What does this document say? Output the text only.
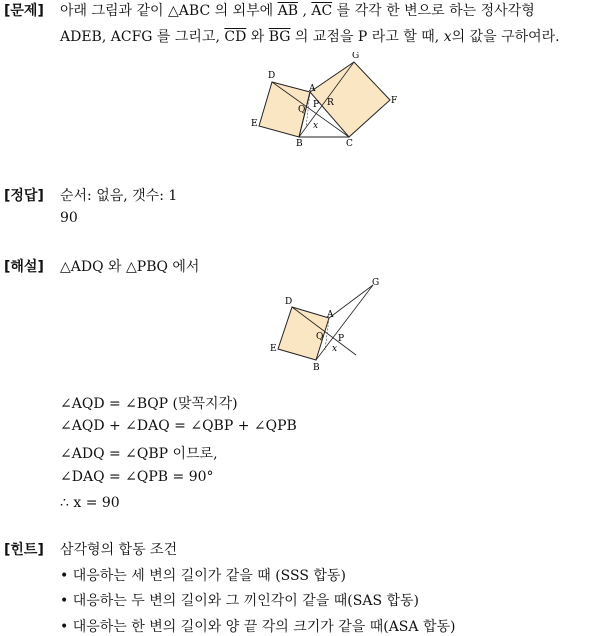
[문제] 아래 그림과 같이 △ABC 의 외부에 $\overline{AB}$ , $\overline{AC}$ 를 각각 한 변으로 하는 정사각형
ADEB, ACFG 를 그리고, $\overline{CD}$ 와 $\overline{BG}$ 의 교점을 P 라고 할 때, x의 값을 구하여라.
D
G
A
P R	F
Q
E	x
B	C
[정답] 순서: 없음, 갯수: 1
90
[해설] △ADQ 와 △PBQ 에서
D
G
A
E
Q P
x
B
∠AQD = ∠BQP (맞꼭지각)
∠AQD + ∠DAQ = ∠QBP + ∠QPB
∠ADQ = ∠QBP 이므로,
∠DAQ = ∠QPB = 90°
∴ x = 90
[힌트] 삼각형의 합동 조건
• 대응하는 세 변의 길이가 같을 때 (SSS 합동)
• 대응하는 두 변의 길이와 그 끼인각이 같을 때(SAS 합동)
• 대응하는 한 변의 길이와 양 끝 각의 크기가 같을 때(ASA 합동)
